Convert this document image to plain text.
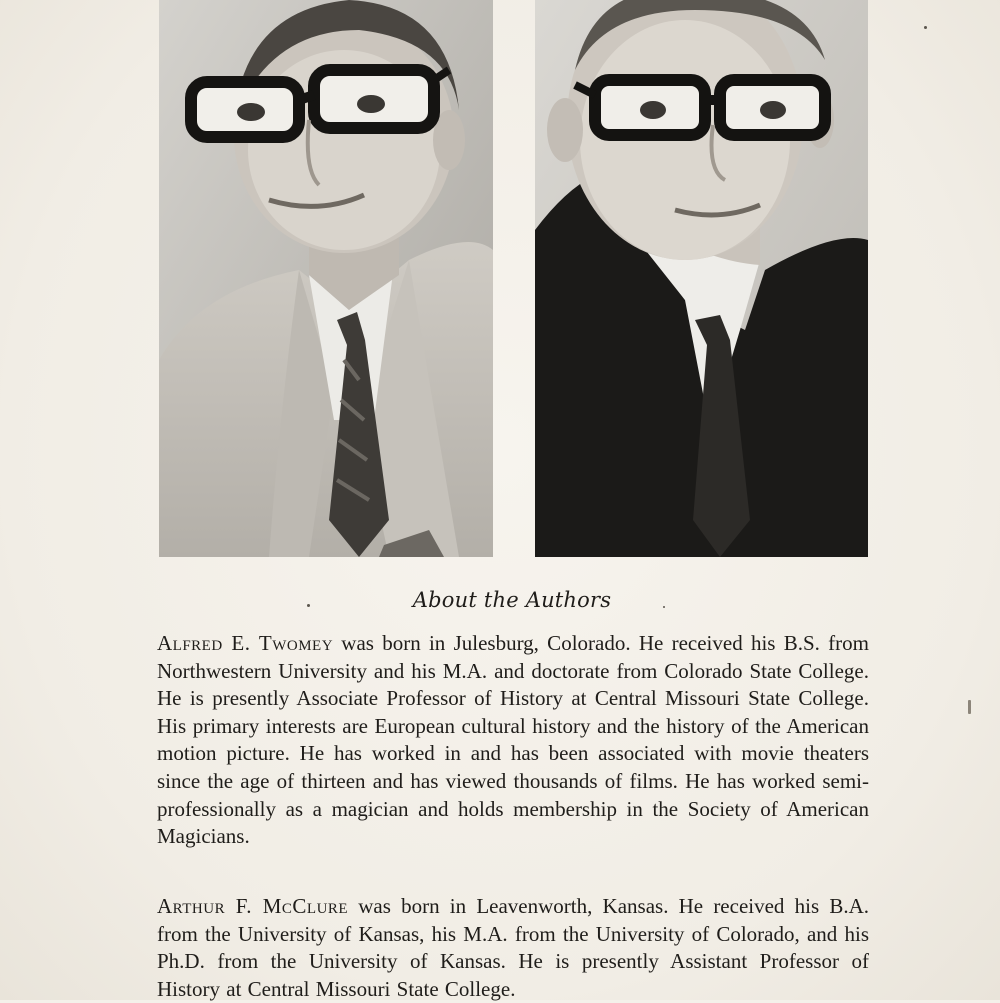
About the Authors

Alfred E. Twomey was born in Julesburg, Colorado. He received his B.S. from Northwestern University and his M.A. and doctorate from Colorado State College. He is presently Associate Professor of History at Central Missouri State College. His primary interests are European cultural history and the history of the American motion picture. He has worked in and has been associated with movie theaters since the age of thirteen and has viewed thousands of films. He has worked semi-professionally as a magician and holds membership in the Society of American Magicians.

Arthur F. McClure was born in Leavenworth, Kansas. He received his B.A. from the University of Kansas, his M.A. from the University of Colorado, and his Ph.D. from the University of Kansas. He is presently Assistant Professor of History at Central Missouri State College.
